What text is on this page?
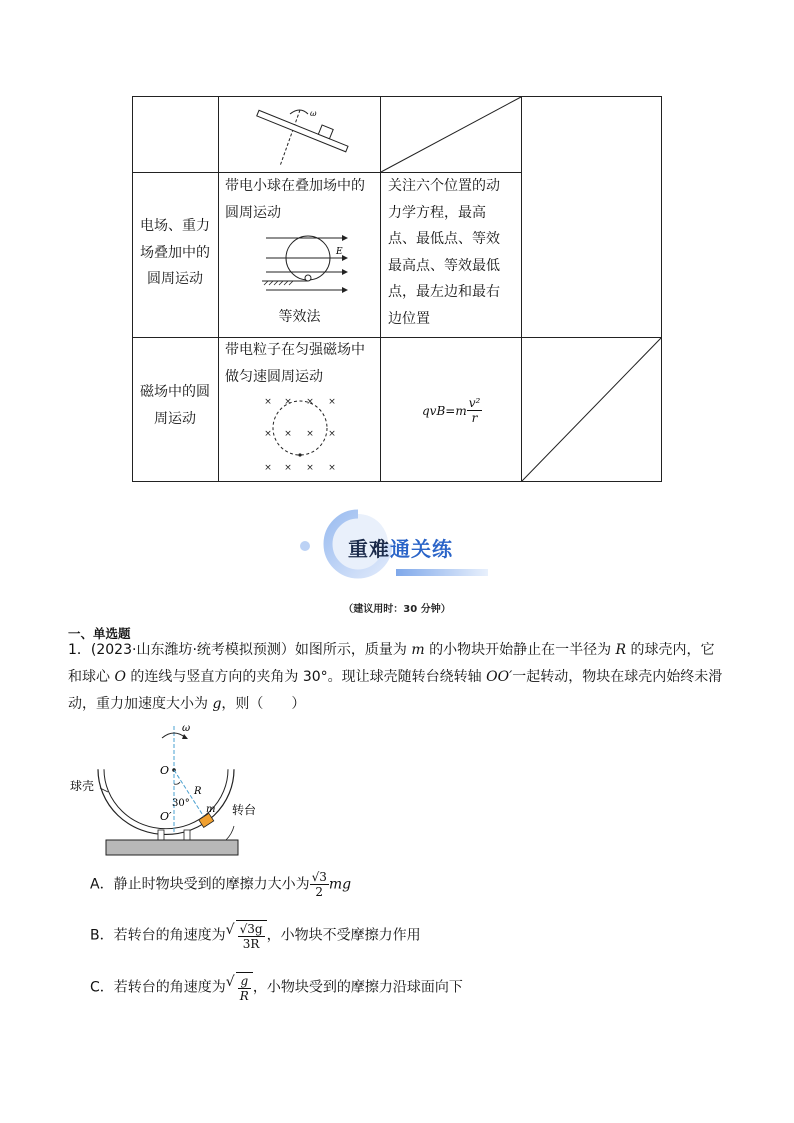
ω
电场、重力
场叠加中的
圆周运动
带电小球在叠加场中的
圆周运动
E
等效法
关注六个位置的动
力学方程，最高
点、最低点、等效
最高点、等效最低
点，最左边和最右
边位置
磁场中的圆
周运动
带电粒子在匀强磁场中
做匀速圆周运动
× × × ×
× × × ×
× × × ×
$qvB=m \frac{\text{v²}}{r}$
重难通关练
（建议用时：30 分钟）
一、单选题
1．(2023·山东潍坊·统考模拟预测）如图所示，质量为 m 的小物块开始静止在一半径为 R 的球壳内，它
和球心 O 的连线与竖直方向的夹角为 30°。现让球壳随转台绕转轴 OO′一起转动，物块在球壳内始终未滑
动，重力加速度大小为 g，则（　　）
ω
O
O′
R
30°
m
球壳
转台
A．静止时物块受到的摩擦力大小为 $\frac{√3}{2}$ mg
B．若转台的角速度为 √ $\frac{√3g}{3R}$ ，小物块不受摩擦力作用
C．若转台的角速度为 √ $\frac{g}{R}$ ，小物块受到的摩擦力沿球面向下
